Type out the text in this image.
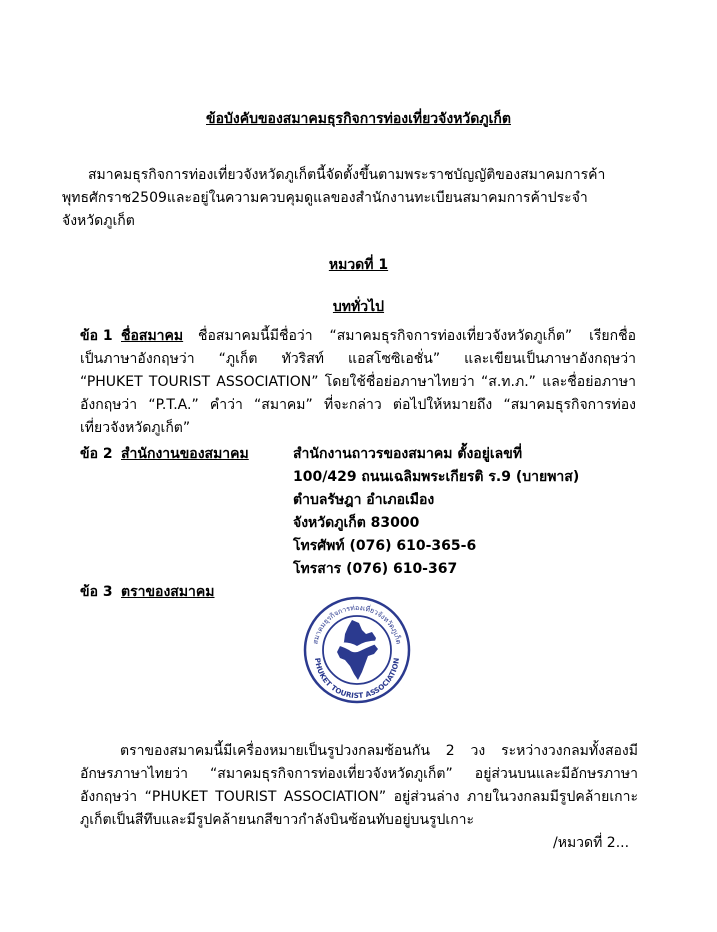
ข้อบังคับของสมาคมธุรกิจการท่องเที่ยวจังหวัดภูเก็ต
สมาคมธุรกิจการท่องเที่ยวจังหวัดภูเก็ตนี้จัดตั้งขึ้นตามพระราชบัญญัติของสมาคมการค้า
พุทธศักราช2509และอยู่ในความควบคุมดูแลของสำนักงานทะเบียนสมาคมการค้าประจำ
จังหวัดภูเก็ต
หมวดที่ 1
บททั่วไป
ข้อ 1 ชื่อสมาคม ชื่อสมาคมนี้มีชื่อว่า “สมาคมธุรกิจการท่องเที่ยวจังหวัดภูเก็ต” เรียกชื่อ
เป็นภาษาอังกฤษว่า “ภูเก็ต ทัวริสท์ แอสโซซิเอชั่น” และเขียนเป็นภาษาอังกฤษว่า
“PHUKET TOURIST ASSOCIATION” โดยใช้ชื่อย่อภาษาไทยว่า “ส.ท.ภ.” และชื่อย่อภาษา
อังกฤษว่า “P.T.A.” คำว่า “สมาคม” ที่จะกล่าว ต่อไปให้หมายถึง “สมาคมธุรกิจการท่อง
เที่ยวจังหวัดภูเก็ต”
ข้อ 2 สำนักงานของสมาคม	สำนักงานถาวรของสมาคม ตั้งอยู่เลขที่
100/429 ถนนเฉลิมพระเกียรติ ร.9 (บายพาส)
ตำบลรัษฎา อำเภอเมือง
จังหวัดภูเก็ต 83000
โทรศัพท์ (076) 610-365-6
โทรสาร (076) 610-367
ข้อ 3 ตราของสมาคม
สมาคมธุรกิจการท่องเที่ยวจังหวัดภูเก็ต
PHUKET TOURIST ASSOCIATION
ตราของสมาคมนี้มีเครื่องหมายเป็นรูปวงกลมซ้อนกัน 2 วง ระหว่างวงกลมทั้งสองมี
อักษรภาษาไทยว่า “สมาคมธุรกิจการท่องเที่ยวจังหวัดภูเก็ต” อยู่ส่วนบนและมีอักษรภาษา
อังกฤษว่า “PHUKET TOURIST ASSOCIATION” อยู่ส่วนล่าง ภายในวงกลมมีรูปคล้ายเกาะ
ภูเก็ตเป็นสีทึบและมีรูปคล้ายนกสีขาวกำลังบินซ้อนทับอยู่บนรูปเกาะ
/หมวดที่ 2...
